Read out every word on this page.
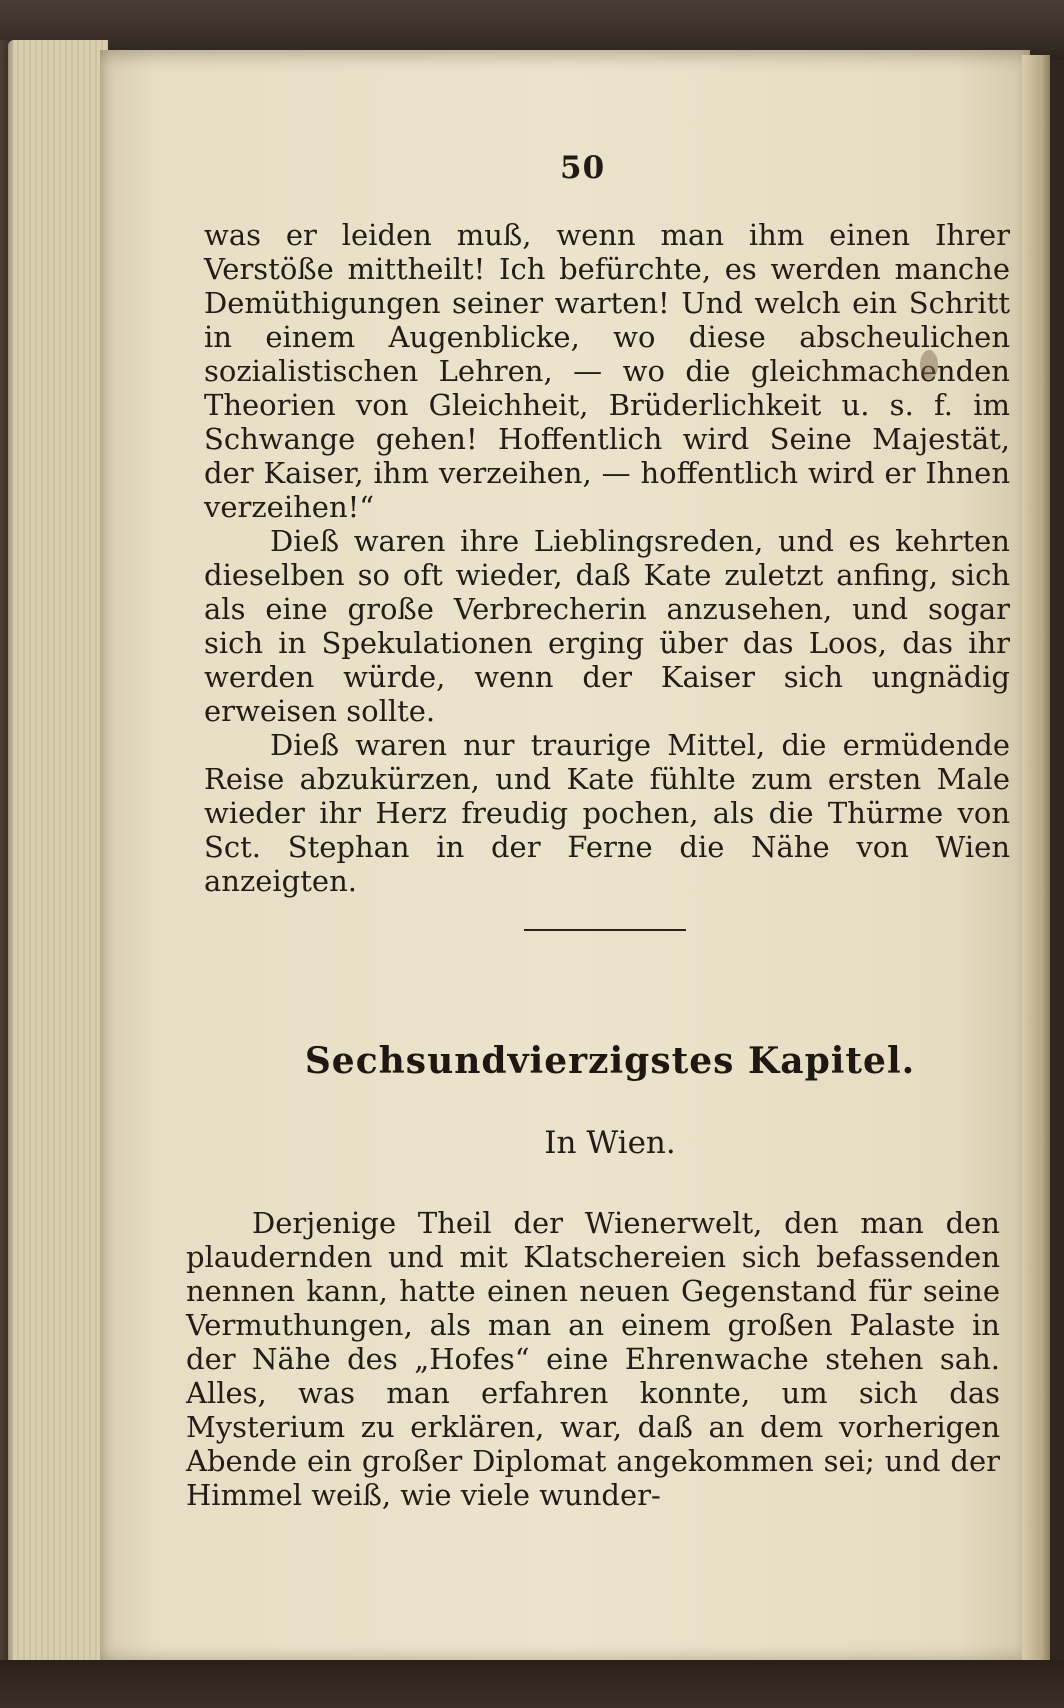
50

was er leiden muß, wenn man ihm einen Ihrer Verstöße mittheilt! Ich befürchte, es werden manche Demüthigungen seiner warten! Und welch ein Schritt in einem Augenblicke, wo diese abscheulichen sozialistischen Lehren, — wo die gleichmachenden Theorien von Gleichheit, Brüderlichkeit u. s. f. im Schwange gehen! Hoffentlich wird Seine Majestät, der Kaiser, ihm verzeihen, — hoffentlich wird er Ihnen verzeihen!“

Dieß waren ihre Lieblingsreden, und es kehrten dieselben so oft wieder, daß Kate zuletzt anfing, sich als eine große Verbrecherin anzusehen, und sogar sich in Spekulationen erging über das Loos, das ihr werden würde, wenn der Kaiser sich ungnädig erweisen sollte.

Dieß waren nur traurige Mittel, die ermüdende Reise abzukürzen, und Kate fühlte zum ersten Male wieder ihr Herz freudig pochen, als die Thürme von Sct. Stephan in der Ferne die Nähe von Wien anzeigten.

Sechsundvierzigstes Kapitel.
In Wien.

Derjenige Theil der Wienerwelt, den man den plaudernden und mit Klatschereien sich befassenden nennen kann, hatte einen neuen Gegenstand für seine Vermuthungen, als man an einem großen Palaste in der Nähe des „Hofes“ eine Ehrenwache stehen sah. Alles, was man erfahren konnte, um sich das Mysterium zu erklären, war, daß an dem vorherigen Abende ein großer Diplomat angekommen sei; und der Himmel weiß, wie viele wunder-
